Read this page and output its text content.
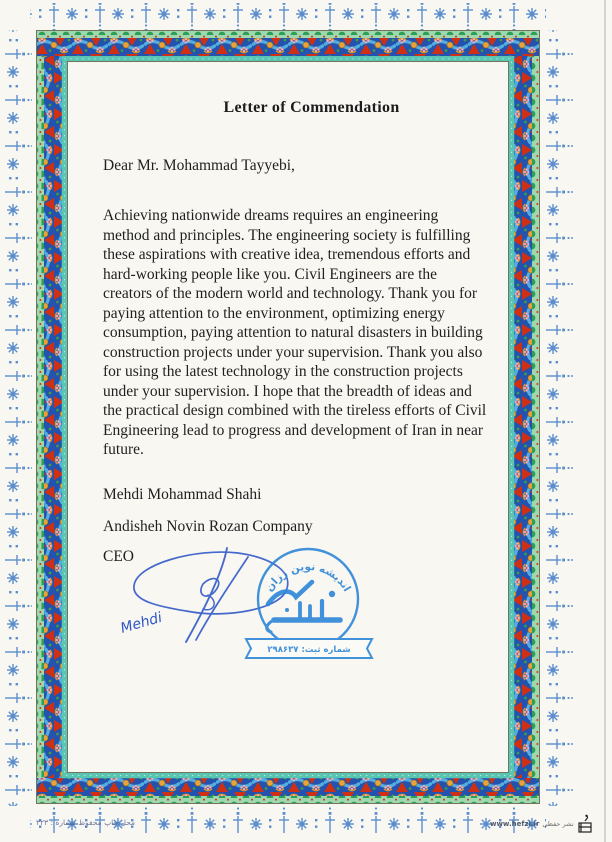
Letter of Commendation
Dear Mr. Mohammad Tayyebi,
Achieving nationwide dreams requires an engineering
method and principles. The engineering society is fulfilling
these aspirations with creative idea, tremendous efforts and
hard-working people like you. Civil Engineers are the
creators of the modern world and technology. Thank you for
paying attention to the environment, optimizing energy
consumption, paying attention to natural disasters in building
construction projects under your supervision. Thank you also
for using the latest technology in the construction projects
under your supervision. I hope that the breadth of ideas and
the practical design combined with the tireless efforts of Civil
Engineering lead to progress and development of Iran in near
future.
Mehdi Mohammad Shahi
Andisheh Novin Rozan Company
CEO
Mehdi
اندیشه نوین رزان
شماره ثبت: ۲۹۸۶۳۷
محل چاپ محفوظ شماره : ۳۲۳	www.hefzi.ir نشر حفظی
